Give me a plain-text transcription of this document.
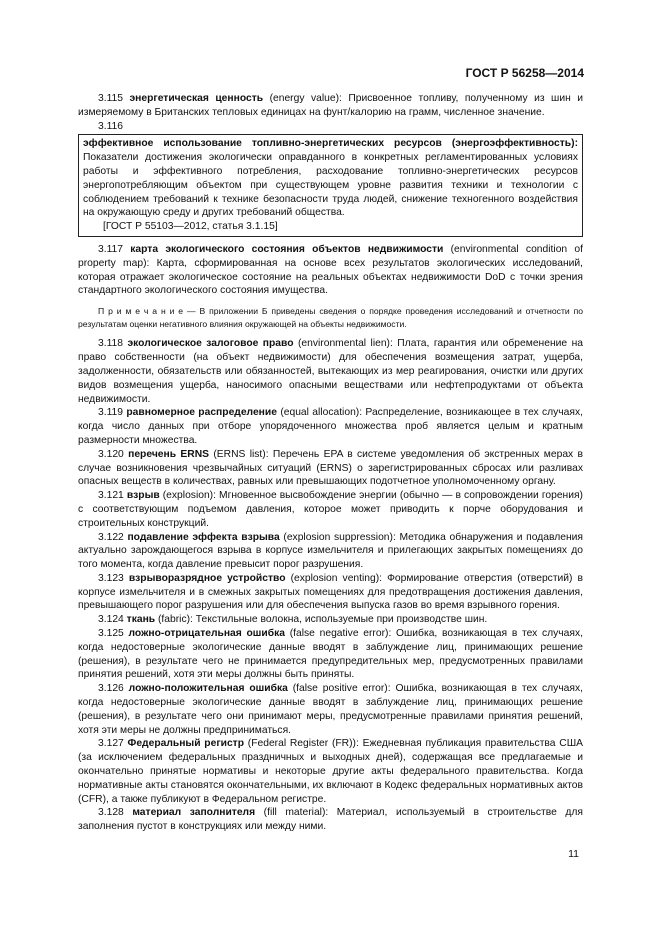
ГОСТ Р 56258—2014

3.115 энергетическая ценность (energy value): Присвоенное топливу, полученному из шин и измеряемому в Британских тепловых единицах на фунт/калорию на грамм, численное значение.

3.116

эффективное использование топливно-энергетических ресурсов (энергоэффективность): Показатели достижения экологически оправданного в конкретных регламентированных условиях работы и эффективного потребления, расходование топливно-энергетических ресурсов энергопотребляющим объектом при существующем уровне развития техники и технологии с соблюдением требований к технике безопасности труда людей, снижение техногенного воздействия на окружающую среду и других требований общества.

[ГОСТ Р 55103—2012, статья 3.1.15]

3.117 карта экологического состояния объектов недвижимости (environmental condition of property map): Карта, сформированная на основе всех результатов экологических исследований, которая отражает экологическое состояние на реальных объектах недвижимости DoD с точки зрения стандартного экологического состояния имущества.

П р и м е ч а н и е — В приложении Б приведены сведения о порядке проведения исследований и отчетности по результатам оценки негативного влияния окружающей на объекты недвижимости.

3.118 экологическое залоговое право (environmental lien): Плата, гарантия или обременение на право собственности (на объект недвижимости) для обеспечения возмещения затрат, ущерба, задолженности, обязательств или обязанностей, вытекающих из мер реагирования, очистки или других видов возмещения ущерба, наносимого опасными веществами или нефтепродуктами от объекта недвижимости.

3.119 равномерное распределение (equal allocation): Распределение, возникающее в тех случаях, когда число данных при отборе упорядоченного множества проб является целым и кратным размерности множества.

3.120 перечень ERNS (ERNS list): Перечень EPA в системе уведомления об экстренных мерах в случае возникновения чрезвычайных ситуаций (ERNS) о зарегистрированных сбросах или разливах опасных веществ в количествах, равных или превышающих подотчетное уполномоченному органу.

3.121 взрыв (explosion): Мгновенное высвобождение энергии (обычно — в сопровождении горения) с соответствующим подъемом давления, которое может приводить к порче оборудования и строительных конструкций.

3.122 подавление эффекта взрыва (explosion suppression): Методика обнаружения и подавления актуально зарождающегося взрыва в корпусе измельчителя и прилегающих закрытых помещениях до того момента, когда давление превысит порог разрушения.

3.123 взрыворазрядное устройство (explosion venting): Формирование отверстия (отверстий) в корпусе измельчителя и в смежных закрытых помещениях для предотвращения достижения давления, превышающего порог разрушения или для обеспечения выпуска газов во время взрывного горения.

3.124 ткань (fabric): Текстильные волокна, используемые при производстве шин.

3.125 ложно-отрицательная ошибка (false negative error): Ошибка, возникающая в тех случаях, когда недостоверные экологические данные вводят в заблуждение лиц, принимающих решение (решения), в результате чего не принимается предупредительных мер, предусмотренных правилами принятия решений, хотя эти меры должны быть приняты.

3.126 ложно-положительная ошибка (false positive error): Ошибка, возникающая в тех случаях, когда недостоверные экологические данные вводят в заблуждение лиц, принимающих решение (решения), в результате чего они принимают меры, предусмотренные правилами принятия решений, хотя эти меры не должны предприниматься.

3.127 Федеральный регистр (Federal Register (FR)): Ежедневная публикация правительства США (за исключением федеральных праздничных и выходных дней), содержащая все предлагаемые и окончательно принятые нормативы и некоторые другие акты федерального правительства. Когда нормативные акты становятся окончательными, их включают в Кодекс федеральных нормативных актов (CFR), а также публикуют в Федеральном регистре.

3.128 материал заполнителя (fill material): Материал, используемый в строительстве для заполнения пустот в конструкциях или между ними.

11
